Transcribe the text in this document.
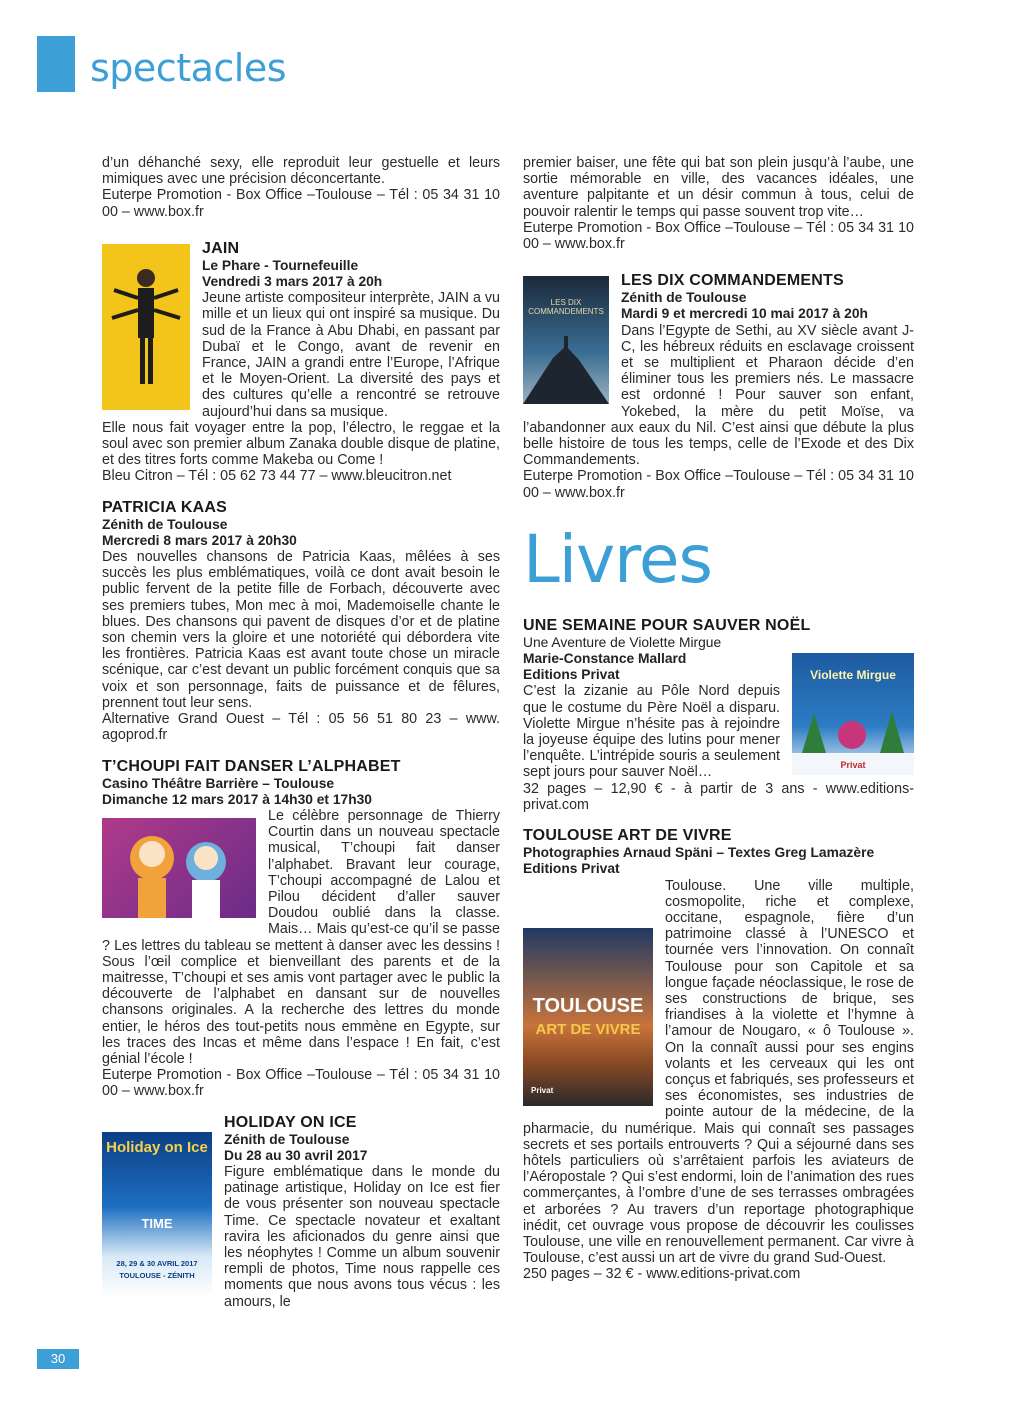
spectacles

d’un déhanché sexy, elle reproduit leur gestuelle et leurs mimiques avec une précision déconcertante.

Euterpe Promotion - Box Office –Toulouse – Tél : 05 34 31 10 00 – www.box.fr

JAIN
Le Phare - Tournefeuille
Vendredi 3 mars 2017 à 20h

Jeune artiste compositeur interprète, JAIN a vu mille et un lieux qui ont inspiré sa musique. Du sud de la France à Abu Dhabi, en passant par Dubaï et le Congo, avant de revenir en France, JAIN a grandi entre l’Europe, l’Afrique et le Moyen-Orient. La diversité des pays et des cultures qu’elle a rencontré se retrouve aujourd’hui dans sa musique.

Elle nous fait voyager entre la pop, l’électro, le reggae et la soul avec son premier album Zanaka double disque de platine, et des titres forts comme Makeba ou Come !

Bleu Citron – Tél : 05 62 73 44 77 – www.bleucitron.net

PATRICIA KAAS
Zénith de Toulouse
Mercredi 8 mars 2017 à 20h30

Des nouvelles chansons de Patricia Kaas, mêlées à ses succès les plus emblématiques, voilà ce dont avait besoin le public fervent de la petite fille de Forbach, découverte avec ses premiers tubes, Mon mec à moi, Mademoiselle chante le blues. Des chansons qui pavent de disques d’or et de platine son chemin vers la gloire et une notoriété qui débordera vite les frontières. Patricia Kaas est avant toute chose un miracle scénique, car c’est devant un public forcément conquis que sa voix et son personnage, faits de puissance et de fêlures, prennent tout leur sens.

Alternative Grand Ouest – Tél : 05 56 51 80 23 – www. agoprod.fr

T’CHOUPI FAIT DANSER L’ALPHABET
Casino Théâtre Barrière – Toulouse
Dimanche 12 mars 2017 à 14h30 et 17h30

Le célèbre personnage de Thierry Courtin dans un nouveau spectacle musical, T’choupi fait danser l’alphabet. Bravant leur courage, T’choupi accompagné de Lalou et Pilou décident d’aller sauver Doudou oublié dans la classe. Mais… Mais qu’est-ce qu’il se passe ? Les lettres du tableau se mettent à danser avec les dessins ! Sous l’œil complice et bienveillant des parents et de la maitresse, T’choupi et ses amis vont partager avec le public la découverte de l’alphabet en dansant sur de nouvelles chansons originales. A la recherche des lettres du monde entier, le héros des tout-petits nous emmène en Egypte, sur les traces des Incas et même dans l’espace ! En fait, c’est génial l’école !

Euterpe Promotion - Box Office –Toulouse – Tél : 05 34 31 10 00 – www.box.fr

Holiday on Ice
TIME
28, 29 & 30 AVRIL 2017
TOULOUSE - ZÉNITH
HOLIDAY ON ICE
Zénith de Toulouse
Du 28 au 30 avril 2017

Figure emblématique dans le monde du patinage artistique, Holiday on Ice est fier de vous présenter son nouveau spectacle Time. Ce spectacle novateur et exaltant ravira les aficionados du genre ainsi que les néophytes ! Comme un album souvenir rempli de photos, Time nous rappelle ces moments que nous avons tous vécus : les amours, le

premier baiser, une fête qui bat son plein jusqu’à l’aube, une sortie mémorable en ville, des vacances idéales, une aventure palpitante et un désir commun à tous, celui de pouvoir ralentir le temps qui passe souvent trop vite…

Euterpe Promotion - Box Office –Toulouse – Tél : 05 34 31 10 00 – www.box.fr

LES DIX COMMANDEMENTS
LES DIX COMMANDEMENTS
Zénith de Toulouse
Mardi 9 et mercredi 10 mai 2017 à 20h

Dans l’Egypte de Sethi, au XV siècle avant J-C, les hébreux réduits en esclavage croissent et se multiplient et Pharaon décide d’en éliminer tous les premiers nés. Le massacre est ordonné ! Pour sauver son enfant, Yokebed, la mère du petit Moïse, va l’abandonner aux eaux du Nil. C’est ainsi que débute la plus belle histoire de tous les temps, celle de l’Exode et des Dix Commandements.

Euterpe Promotion - Box Office –Toulouse – Tél : 05 34 31 10 00 – www.box.fr

Livres
UNE SEMAINE POUR SAUVER NOËL
Une Aventure de Violette Mirgue
Violette Mirgue
Privat
Marie-Constance Mallard
Editions Privat

C’est la zizanie au Pôle Nord depuis que le costume du Père Noël a disparu. Violette Mirgue n’hésite pas à rejoindre la joyeuse équipe des lutins pour mener l’enquête. L’intrépide souris a seulement sept jours pour sauver Noël…

32 pages – 12,90 € - à partir de 3 ans - www.editions-privat.com

TOULOUSE ART DE VIVRE
Photographies Arnaud Späni – Textes Greg Lamazère
Editions Privat
TOULOUSE
ART DE VIVRE
Privat

Toulouse. Une ville multiple, cosmopolite, riche et complexe, occitane, espagnole, fière d’un patrimoine classé à l’UNESCO et tournée vers l’innovation. On connaît Toulouse pour son Capitole et sa longue façade néoclassique, le rose de ses constructions de brique, ses friandises à la violette et l’hymne à l’amour de Nougaro, « ô Toulouse ». On la connaît aussi pour ses engins volants et les cerveaux qui les ont conçus et fabriqués, ses professeurs et ses économistes, ses industries de pointe autour de la médecine, de la pharmacie, du numérique. Mais qui connaît ses passages secrets et ses portails entrouverts ? Qui a séjourné dans ses hôtels particuliers où s’arrêtaient parfois les aviateurs de l’Aéropostale ? Qui s’est endormi, loin de l’animation des rues commerçantes, à l’ombre d’une de ses terrasses ombragées et arborées ? Au travers d’un reportage photographique inédit, cet ouvrage vous propose de découvrir les coulisses Toulouse, une ville en renouvellement permanent. Car vivre à Toulouse, c’est aussi un art de vivre du grand Sud-Ouest.

250 pages – 32 € - www.editions-privat.com

30
